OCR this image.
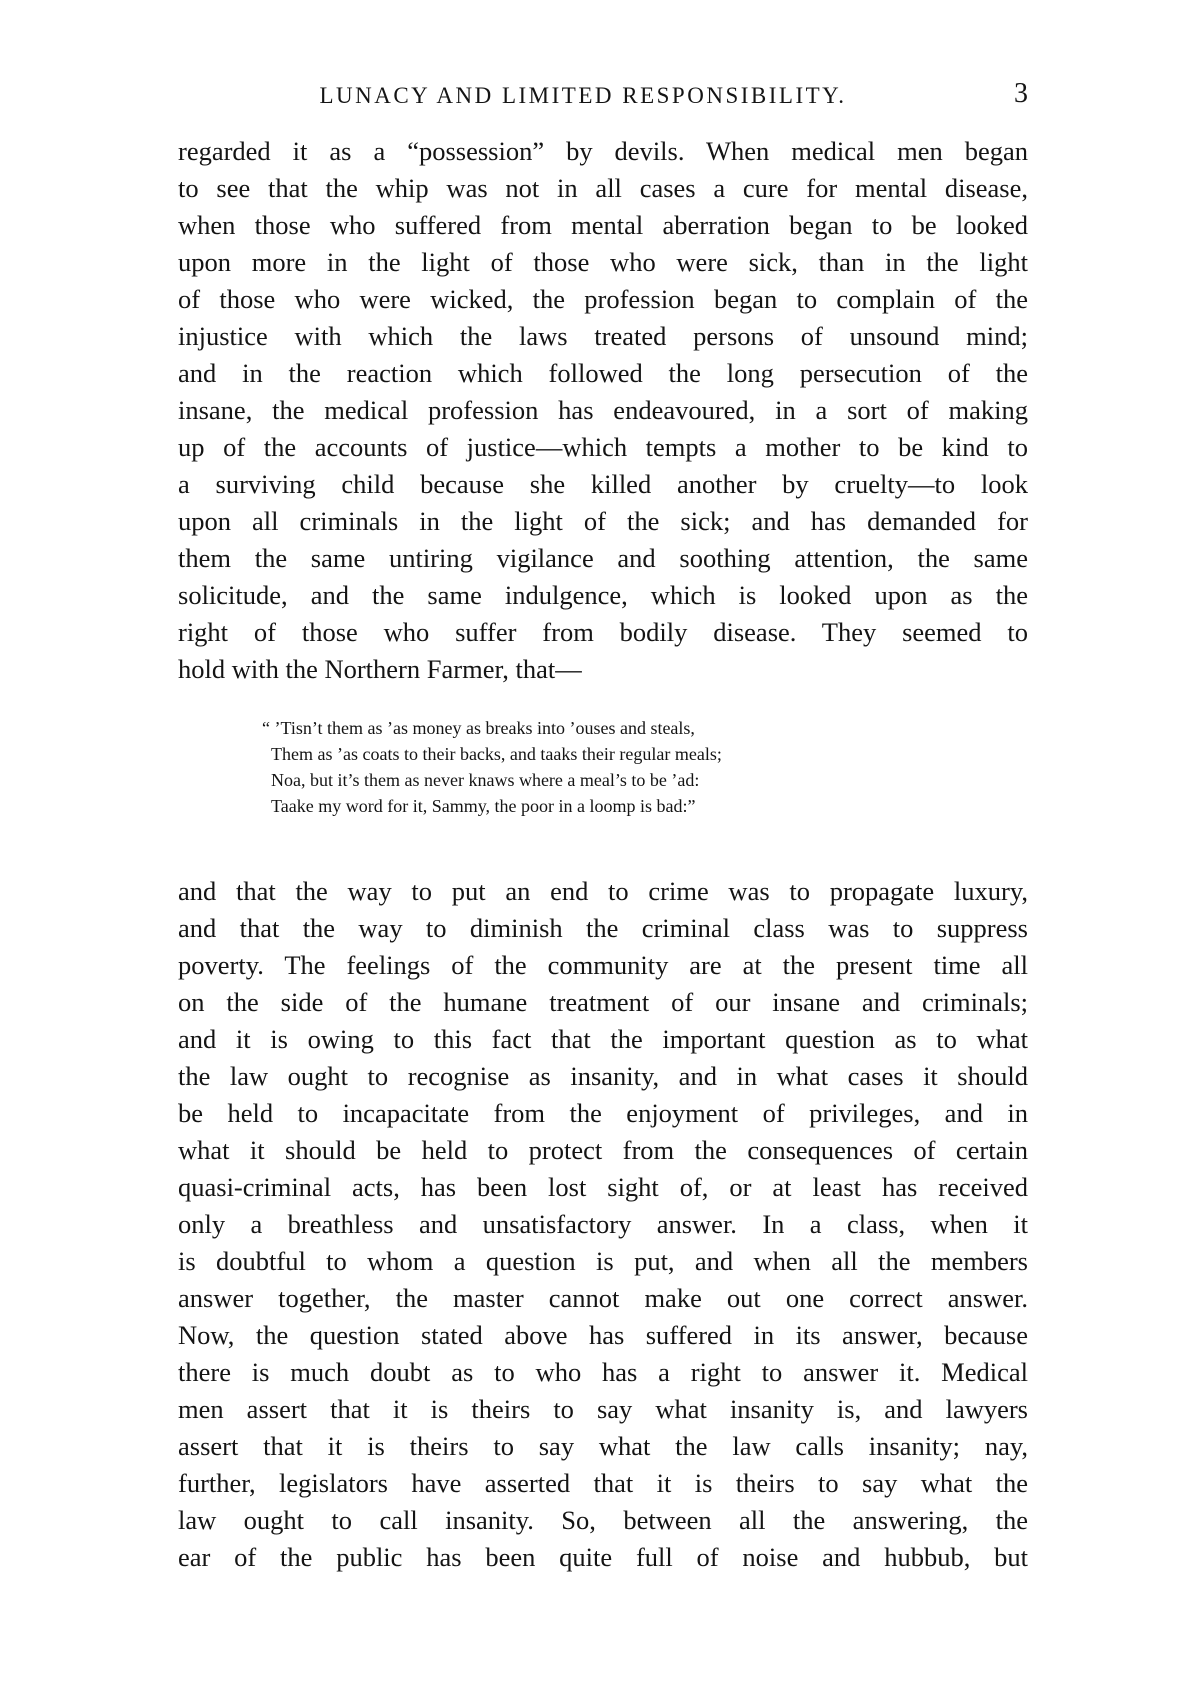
LUNACY AND LIMITED RESPONSIBILITY.	3
regarded it as a “possession” by devils. When medical men began
to see that the whip was not in all cases a cure for mental disease,
when those who suffered from mental aberration began to be looked
upon more in the light of those who were sick, than in the light
of those who were wicked, the profession began to complain of the
injustice with which the laws treated persons of unsound mind;
and in the reaction which followed the long persecution of the
insane, the medical profession has endeavoured, in a sort of making
up of the accounts of justice—which tempts a mother to be kind to
a surviving child because she killed another by cruelty—to look
upon all criminals in the light of the sick; and has demanded for
them the same untiring vigilance and soothing attention, the same
solicitude, and the same indulgence, which is looked upon as the
right of those who suffer from bodily disease. They seemed to
hold with the Northern Farmer, that—
“ ’Tisn’t them as ’as money as breaks into ’ouses and steals,
Them as ’as coats to their backs, and taaks their regular meals;
Noa, but it’s them as never knaws where a meal’s to be ’ad:
Taake my word for it, Sammy, the poor in a loomp is bad:”
and that the way to put an end to crime was to propagate luxury,
and that the way to diminish the criminal class was to suppress
poverty. The feelings of the community are at the present time all
on the side of the humane treatment of our insane and criminals;
and it is owing to this fact that the important question as to what
the law ought to recognise as insanity, and in what cases it should
be held to incapacitate from the enjoyment of privileges, and in
what it should be held to protect from the consequences of certain
quasi-criminal acts, has been lost sight of, or at least has received
only a breathless and unsatisfactory answer. In a class, when it
is doubtful to whom a question is put, and when all the members
answer together, the master cannot make out one correct answer.
Now, the question stated above has suffered in its answer, because
there is much doubt as to who has a right to answer it. Medical
men assert that it is theirs to say what insanity is, and lawyers
assert that it is theirs to say what the law calls insanity; nay,
further, legislators have asserted that it is theirs to say what the
law ought to call insanity. So, between all the answering, the
ear of the public has been quite full of noise and hubbub, but
